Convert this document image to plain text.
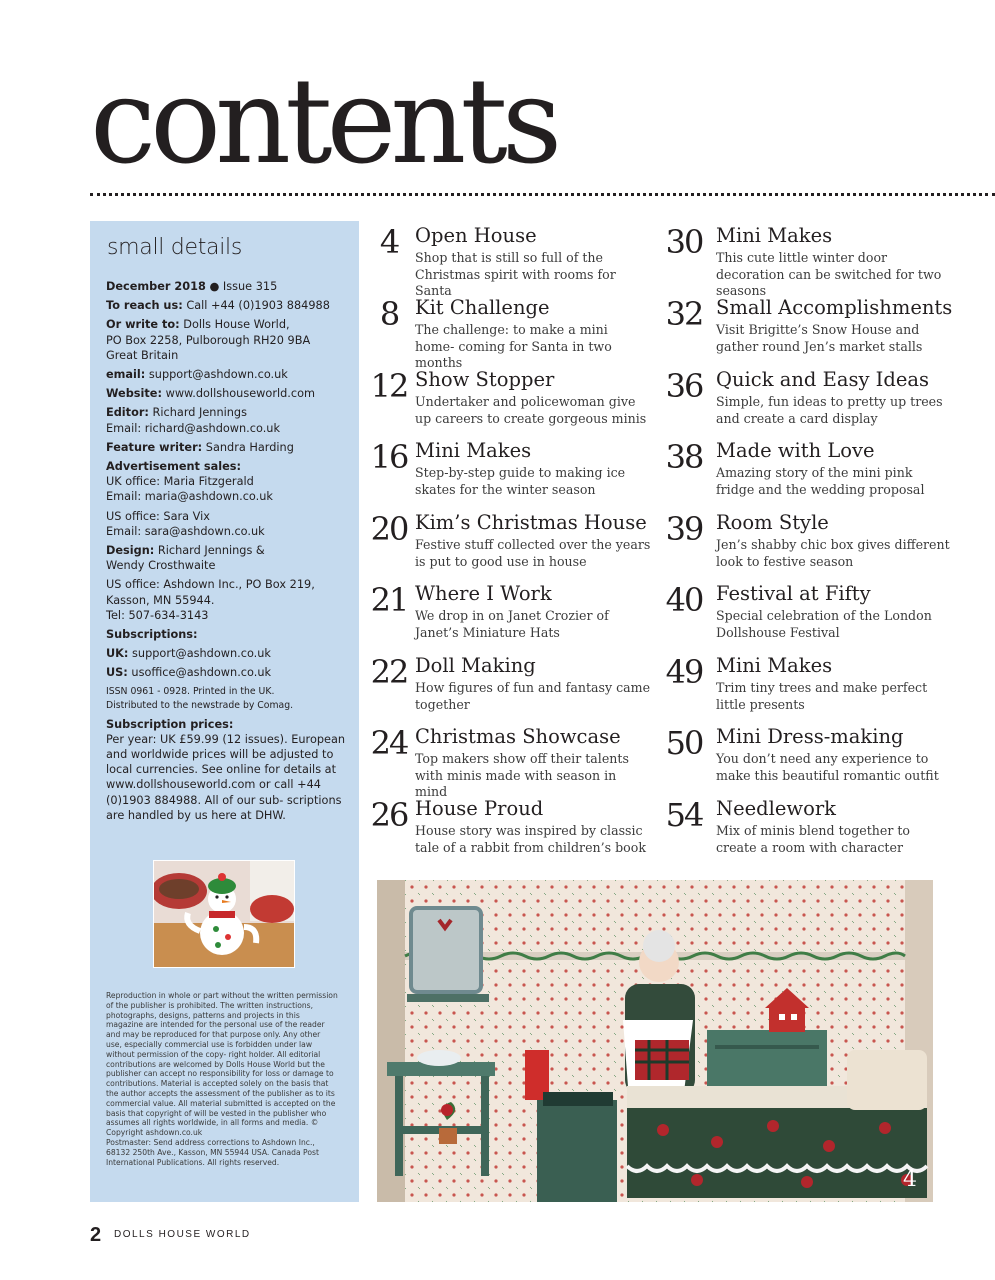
contents
small details

December 2018 ● Issue 315

To reach us: Call +44 (0)1903 884988

Or write to: Dolls House World,
PO Box 2258, Pulborough RH20 9BA
Great Britain

email: support@ashdown.co.uk

Website: www.dollshouseworld.com

Editor: Richard Jennings
Email: richard@ashdown.co.uk

Feature writer: Sandra Harding

Advertisement sales:
UK office: Maria Fitzgerald
Email: maria@ashdown.co.uk

US office: Sara Vix
Email: sara@ashdown.co.uk

Design: Richard Jennings &
Wendy Crosthwaite

US office: Ashdown Inc., PO Box 219,
Kasson, MN 55944.
Tel: 507-634-3143

Subscriptions:

UK: support@ashdown.co.uk

US: usoffice@ashdown.co.uk

ISSN 0961 - 0928. Printed in the UK.
Distributed to the newstrade by Comag.

Subscription prices:
Per year: UK £59.99 (12 issues). European and worldwide prices will be adjusted to local currencies. See online for details at www.dollshouseworld.com or call +44 (0)1903 884988. All of our sub- scriptions are handled by us here at DHW.

Reproduction in whole or part without the written permission of the publisher is prohibited. The written instructions, photographs, designs, patterns and projects in this magazine are intended for the personal use of the reader and may be reproduced for that purpose only. Any other use, especially commercial use is forbidden under law without permission of the copy- right holder. All editorial contributions are welcomed by Dolls House World but the publisher can accept no responsibility for loss or damage to contributions. Material is accepted solely on the basis that the author accepts the assessment of the publisher as to its commercial value. All material submitted is accepted on the basis that copyright of will be vested in the publisher who assumes all rights worldwide, in all forms and media. © Copyright ashdown.co.uk

Postmaster: Send address corrections to Ashdown Inc., 68132 250th Ave., Kasson, MN 55944 USA. Canada Post International Publications. All rights reserved.

4 Open House
Shop that is still so full of the Christmas spirit with rooms for Santa
8 Kit Challenge
The challenge: to make a mini home- coming for Santa in two months
12 Show Stopper
Undertaker and policewoman give up careers to create gorgeous minis
16 Mini Makes
Step-by-step guide to making ice skates for the winter season
20 Kim’s Christmas House
Festive stuff collected over the years is put to good use in house
21 Where I Work
We drop in on Janet Crozier of Janet’s Miniature Hats
22 Doll Making
How figures of fun and fantasy came together
24 Christmas Showcase
Top makers show off their talents with minis made with season in mind
26 House Proud
House story was inspired by classic tale of a rabbit from children’s book
30 Mini Makes
This cute little winter door decoration can be switched for two seasons
32 Small Accomplishments
Visit Brigitte’s Snow House and gather round Jen’s market stalls
36 Quick and Easy Ideas
Simple, fun ideas to pretty up trees and create a card display
38 Made with Love
Amazing story of the mini pink fridge and the wedding proposal
39 Room Style
Jen’s shabby chic box gives different look to festive season
40 Festival at Fifty
Special celebration of the London Dollshouse Festival
49 Mini Makes
Trim tiny trees and make perfect little presents
50 Mini Dress-making
You don’t need any experience to make this beautiful romantic outfit
54 Needlework
Mix of minis blend together to create a room with character
4
2 DOLLS HOUSE WORLD
